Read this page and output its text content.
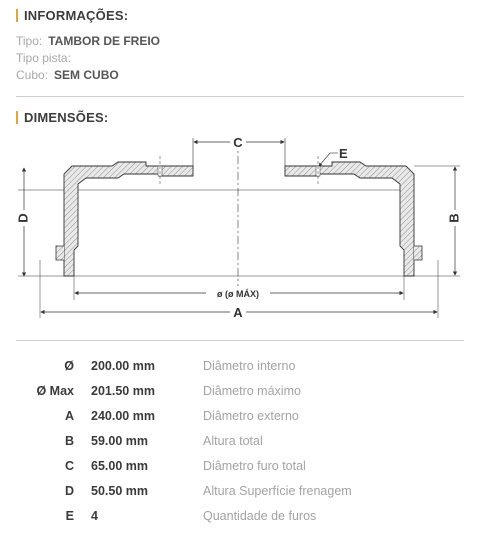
INFORMAÇÕES:
Tipo: TAMBOR DE FREIO
Tipo pista:
Cubo: SEM CUBO
DIMENSÕES:
C
E
D	B
ø (ø MÁX)
A
Ø 200.00 mm	Diâmetro interno
Ø Max 201.50 mm	Diâmetro máximo
A 240.00 mm	Diâmetro externo
B 59.00 mm	Altura total
C 65.00 mm	Diâmetro furo total
D 50.50 mm	Altura Superfície frenagem
E 4	Quantidade de furos
